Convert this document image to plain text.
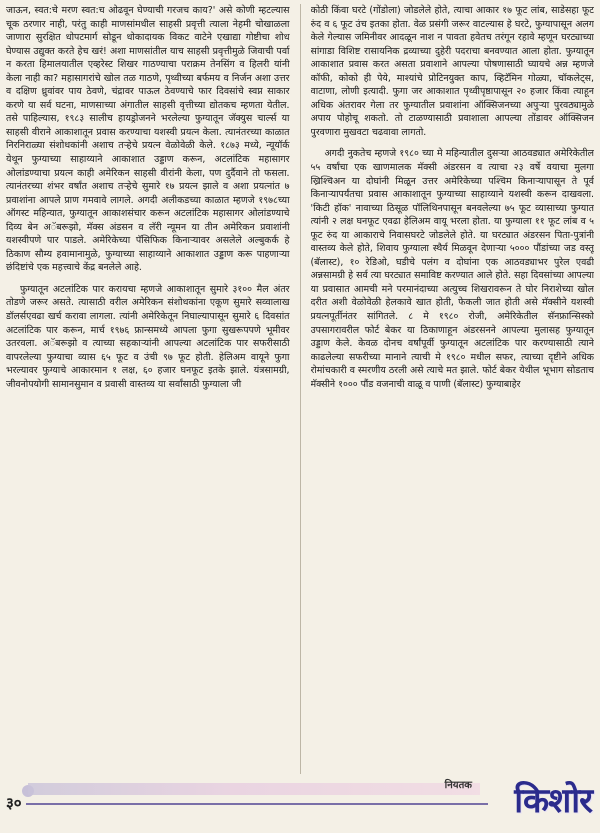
जाऊन, स्वत:चे मरण स्वत:च ओढवून घेण्याची गरजच काय?' असे कोणी म्हटल्यास चूक ठरणार नाही, परंतु काही माणसांमधील साहसी प्रवृत्ती त्याला नेहमी चोखाळला जाणारा सुरक्षित धोपटमार्ग सोडून धोकादायक विकट वाटेने एखाद्या गोष्टीचा शोध घेण्यास उद्युक्त करते हेच खरं! अशा माणसांतील याच साहसी प्रवृत्तीमुळे जिवाची पर्वा न करता हिमालयातील एव्हरेस्ट शिखर गाठण्याचा पराक्रम तेनसिंग व हिलरी यांनी केला नाही का? महासागरांचे खोल तळ गाठणे, पृथ्वीच्या बर्फमय व निर्जन अशा उत्तर व दक्षिण ध्रुवांवर पाय ठेवणे, चंद्रावर पाऊल ठेवण्याचे फार दिवसांचे स्वप्न साकार करणे या सर्व घटना, माणसाच्या अंगातील साहसी वृत्तीच्या द्योतकच म्हणता येतील. तसे पाहिल्यास, १९८३ सालीच हायड्रोजनने भरलेल्या फुग्यातून जॅक्युस चार्ल्स या साहसी वीराने आकाशातून प्रवास करण्याचा यशस्वी प्रयत्न केला. त्यानंतरच्या काळात निरनिराळ्या संशोधकांनी अशाच तऱ्हेचे प्रयत्न वेळोवेळी केले. १८७३ मध्ये, न्यूयॉर्क येथून फुग्याच्या साहाय्याने आकाशात उड्डाण करून, अटलांटिक महासागर ओलांडण्याचा प्रयत्न काही अमेरिकन साहसी वीरांनी केला, पण दुर्दैवाने तो फसला. त्यानंतरच्या शंभर वर्षांत अशाच तऱ्हेचे सुमारे १७ प्रयत्न झाले व अशा प्रयत्नांत ७ प्रवाशांना आपले प्राण गमवावे लागले. अगदी अलीकडच्या काळात म्हणजे १९७८च्या ऑगस्ट महिन्यात, फुग्यातून आकाशसंचार करून अटलांटिक महासागर ओलांडण्याचे दिव्य बेन अॅबरूझो, मॅक्स अंडसन व लॅरी न्यूमन या तीन अमेरिकन प्रवाशांनी यशस्वीपणे पार पाडले. अमेरिकेच्या पॅसिफिक किनाऱ्यावर असलेले अल्बुकर्क हे ठिकाण सौम्य हवामानामुळे, फुग्याच्या साहाय्याने आकाशात उड्डाण करू पाहणाऱ्या छंदिष्टांचे एक महत्त्वाचे केंद्र बनलेले आहे.

फुग्यातून अटलांटिक पार करायचा म्हणजे आकाशातून सुमारे ३१०० मैल अंतर तोडणे जरूर असते. त्यासाठी वरील अमेरिकन संशोधकांना एकूण सुमारे सव्वालाख डॉलर्सएवढा खर्च करावा लागला. त्यांनी अमेरिकेतून निघाल्यापासून सुमारे ६ दिवसांत अटलांटिक पार करून, मार्च १९७६ फ्रान्समध्ये आपला फुगा सुखरूपपणे भूमीवर उतरवला. अॅबरूझो व त्याच्या सहकाऱ्यांनी आपल्या अटलांटिक पार सफरीसाठी वापरलेल्या फुग्याचा व्यास ६५ फूट व उंची ९७ फूट होती. हेलिअम वायूने फुगा भरल्यावर फुग्याचे आकारमान १ लक्ष, ६० हजार घनफूट इतके झाले. यंत्रसामग्री, जीवनोपयोगी सामानसुमान व प्रवासी वास्तव्य या सर्वांसाठी फुग्याला जी

कोठी किंवा घरटे (गोंडोला) जोडलेले होते, त्याचा आकार १७ फूट लांब, साडेसहा फूट रुंद व ६ फूट उंच इतका होता. वेळ प्रसंगी जरूर वाटल्यास हे घरटे, फुग्यापासून अलग केले गेल्यास जमिनीवर आदळून नाश न पावता हवेतच तरंगून रहावे म्हणून घरट्याच्या सांगाडा विशिष्ट रासायनिक द्रव्याच्या दुहेरी पदराचा बनवण्यात आला होता. फुग्यातून आकाशात प्रवास करत असता प्रवाशाने आपल्या पोषणासाठी घ्यायचे अन्न म्हणजे कॉफी, कोको ही पेये, माश्यांचे प्रोटिनयुक्त काप, व्हिटॅमिन गोळ्या, चॉकलेट्स, वाटाणा, लोणी इत्यादी. फुगा जर आकाशात पृथ्वीपृष्ठापासून २० हजार किंवा त्याहून अधिक अंतरावर गेला तर फुग्यातील प्रवाशांना ऑक्सिजनच्या अपुऱ्या पुरवठ्यामुळे अपाय पोहोचू शकतो. तो टाळण्यासाठी प्रवाशाला आपल्या तोंडावर ऑक्सिजन पुरवणारा मुखवटा चढवावा लागतो.

अगदी नुकतेच म्हणजे १९८० च्या मे महिन्यातील दुसऱ्या आठवड्यात अमेरिकेतील ५५ वर्षांचा एक खाणमालक मॅक्सी अंडरसन व त्याचा २३ वर्षे वयाचा मुलगा ख्रिश्चिअन या दोघांनी मिळून उत्तर अमेरिकेच्या पश्चिम किनाऱ्यापासून ते पूर्व किनाऱ्यापर्यंतचा प्रवास आकाशातून फुग्याच्या साहाय्याने यशस्वी करून दाखवला. 'किटी हॉक' नावाच्या ठिसूळ पॉलिथिनपासून बनवलेल्या ७५ फूट व्यासाच्या फुग्यात त्यांनी २ लक्ष घनफूट एवढा हेलिअम वायू भरला होता. या फुग्याला ११ फूट लांब व ५ फूट रुंद या आकाराचे निवासघरटे जोडलेले होते. या घरट्यात अंडरसन पिता-पुत्रांनी वास्तव्य केले होते, शिवाय फुग्याला स्थैर्य मिळवून देणाऱ्या ५००० पौंडांच्या जड वस्तू (बॅलास्ट), १० रेडिओ, घडीचे पलंग व दोघांना एक आठवड्याभर पुरेल एवढी अन्नसामग्री हे सर्व त्या घरट्यात समाविष्ट करण्यात आले होते. सहा दिवसांच्या आपल्या या प्रवासात आमची मने परमानंदाच्या अत्युच्च शिखरावरून ते घोर निराशेच्या खोल दरीत अशी वेळोवेळी हेलकावे खात होती, फेकली जात होती असे मॅक्सीने यशस्वी प्रयत्नपूर्तीनंतर सांगितले. ८ मे १९८० रोजी, अमेरिकेतील सॅनफ्रान्सिस्को उपसागरावरील फोर्ट बेकर या ठिकाणाहून अंडरसनने आपल्या मुलासह फुग्यातून उड्डाण केले. केवळ दोनच वर्षांपूर्वी फुग्यातून अटलांटिक पार करण्यासाठी त्याने काढलेल्या सफरीच्या मानाने त्याची मे १९८० मधील सफर, त्याच्या दृष्टीने अधिक रोमांचकारी व स्मरणीय ठरली असे त्याचे मत झाले. फोर्ट बेकर येथील भूभाग सोडताच मॅक्सीने १००० पौंड वजनाची वाळू व पाणी (बॅलास्ट) फुग्याबाहेर

३०
नियतक किशोर
